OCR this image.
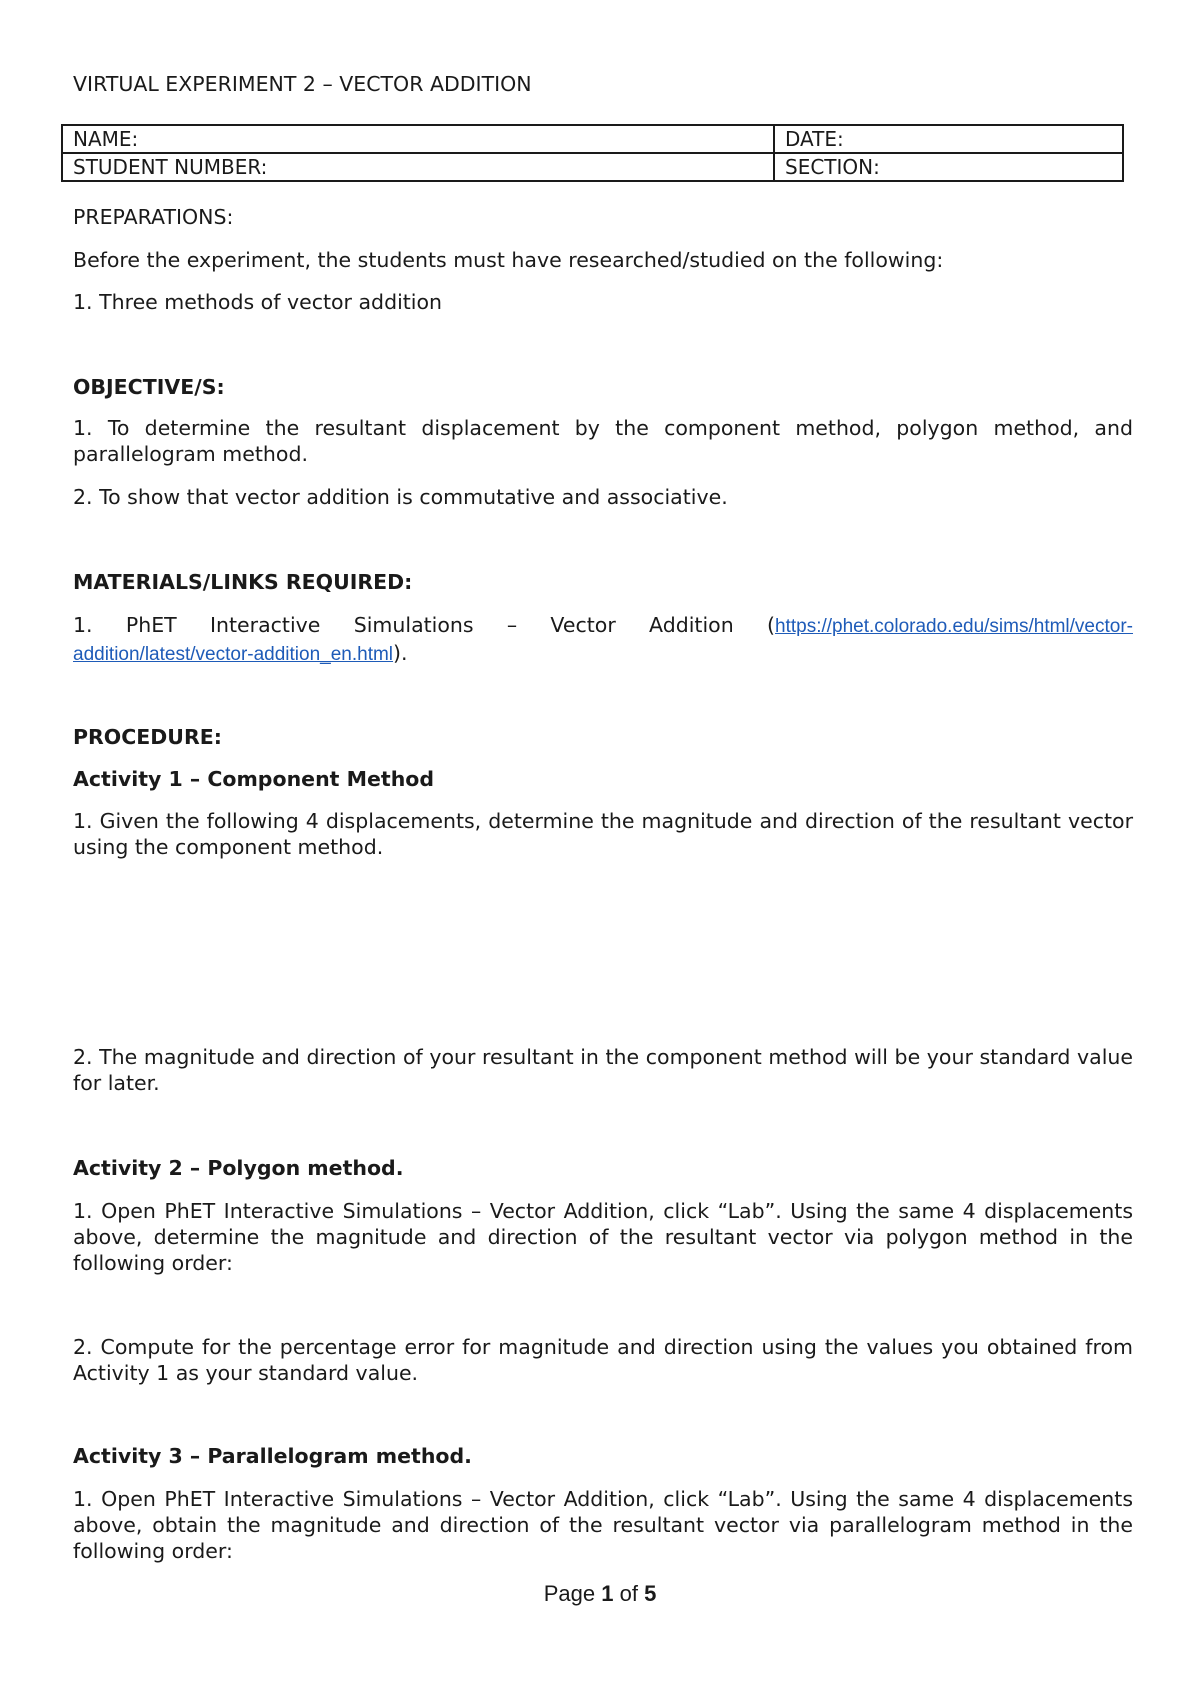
VIRTUAL EXPERIMENT 2 – VECTOR ADDITION

NAME:	DATE:
STUDENT NUMBER:	SECTION:

PREPARATIONS:

Before the experiment, the students must have researched/studied on the following:

1. Three methods of vector addition

OBJECTIVE/S:

1. To determine the resultant displacement by the component method, polygon method, and parallelogram method.

2. To show that vector addition is commutative and associative.

MATERIALS/LINKS REQUIRED:

1. PhET Interactive Simulations – Vector Addition (https://phet.colorado.edu/sims/html/vector-addition/latest/vector-addition_en.html).

PROCEDURE:

Activity 1 – Component Method

1. Given the following 4 displacements, determine the magnitude and direction of the resultant vector using the component method.

2. The magnitude and direction of your resultant in the component method will be your standard value for later.

Activity 2 – Polygon method.

1. Open PhET Interactive Simulations – Vector Addition, click “Lab”. Using the same 4 displacements above, determine the magnitude and direction of the resultant vector via polygon method in the following order:

2. Compute for the percentage error for magnitude and direction using the values you obtained from Activity 1 as your standard value.

Activity 3 – Parallelogram method.

1. Open PhET Interactive Simulations – Vector Addition, click “Lab”. Using the same 4 displacements above, obtain the magnitude and direction of the resultant vector via parallelogram method in the following order:

Page 1 of 5
